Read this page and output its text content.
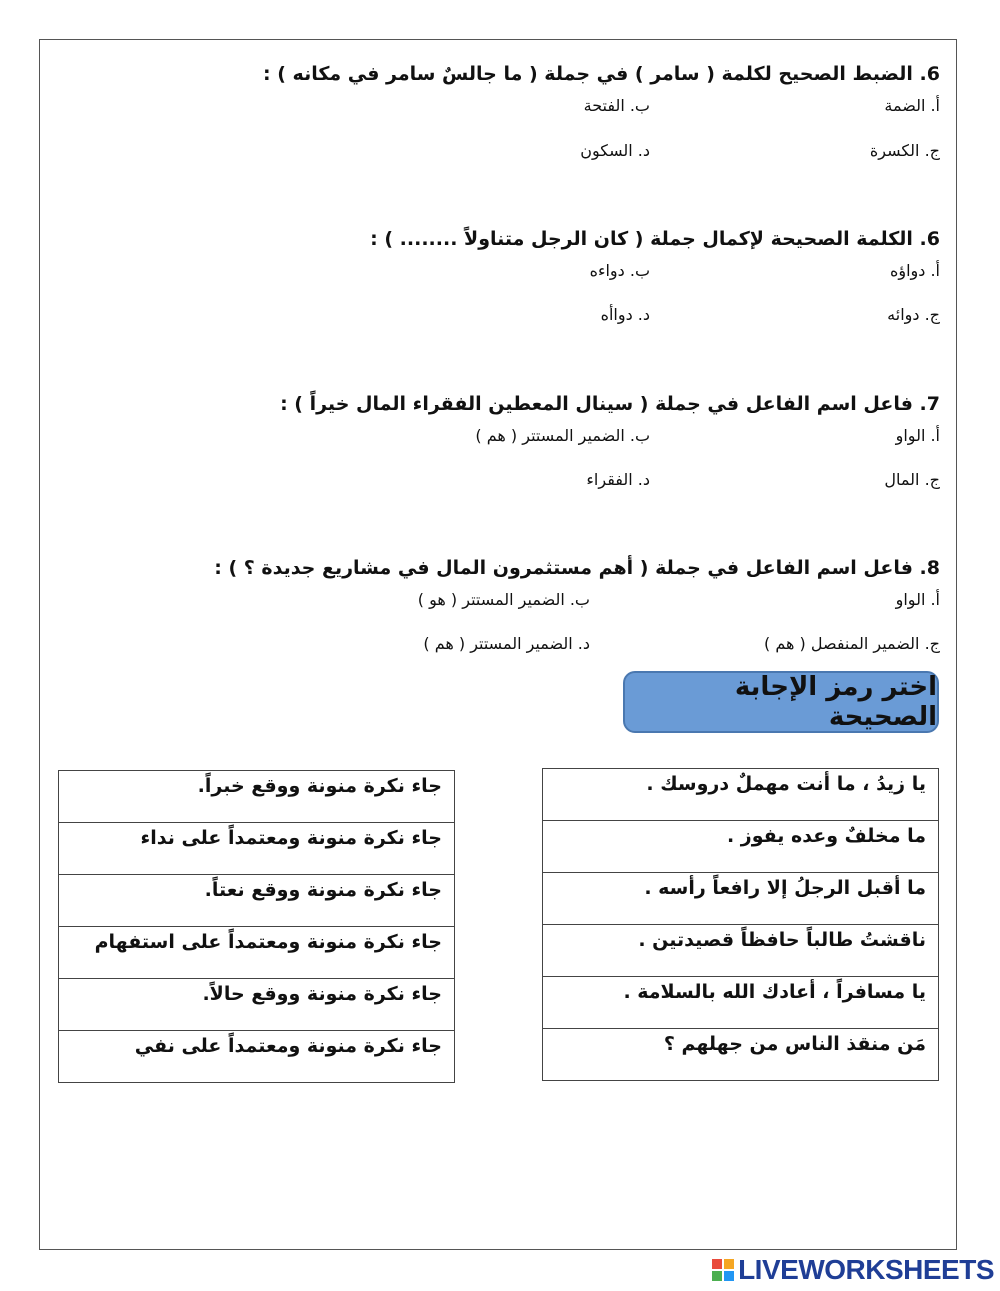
6. الضبط الصحيح لكلمة ( سامر ) في جملة ( ما جالسٌ سامر في مكانه ) :
أ. الضمة
ب. الفتحة
ج. الكسرة
د. السكون
6. الكلمة الصحيحة لإكمال جملة ( كان الرجل متناولاً ........ ) :
أ. دواؤه
ب. دواءه
ج. دوائه
د. دواأه
7. فاعل اسم الفاعل في جملة ( سينال المعطين الفقراء المال خيراً ) :
أ. الواو
ب. الضمير المستتر ( هم )
ج. المال
د. الفقراء
8. فاعل اسم الفاعل في جملة ( أهم مستثمرون المال في مشاريع جديدة ؟ ) :
أ. الواو
ب. الضمير المستتر ( هو )
ج. الضمير المنفصل ( هم )
د. الضمير المستتر ( هم )
اختر رمز الإجابة الصحيحة
يا زيدُ ، ما أنت مهملٌ دروسك .
ما مخلفٌ وعده يفوز .
ما أقبل الرجلُ إلا رافعاً رأسه .
ناقشتُ طالباً حافظاً قصيدتين .
يا مسافراً ، أعادك الله بالسلامة .
مَن منقذ الناس من جهلهم ؟
جاء نكرة منونة ووقع خبراً.
جاء نكرة منونة ومعتمداً على نداء
جاء نكرة منونة ووقع نعتاً.
جاء نكرة منونة ومعتمداً على استفهام
جاء نكرة منونة ووقع حالاً.
جاء نكرة منونة ومعتمداً على نفي
LIVEWORKSHEETS
